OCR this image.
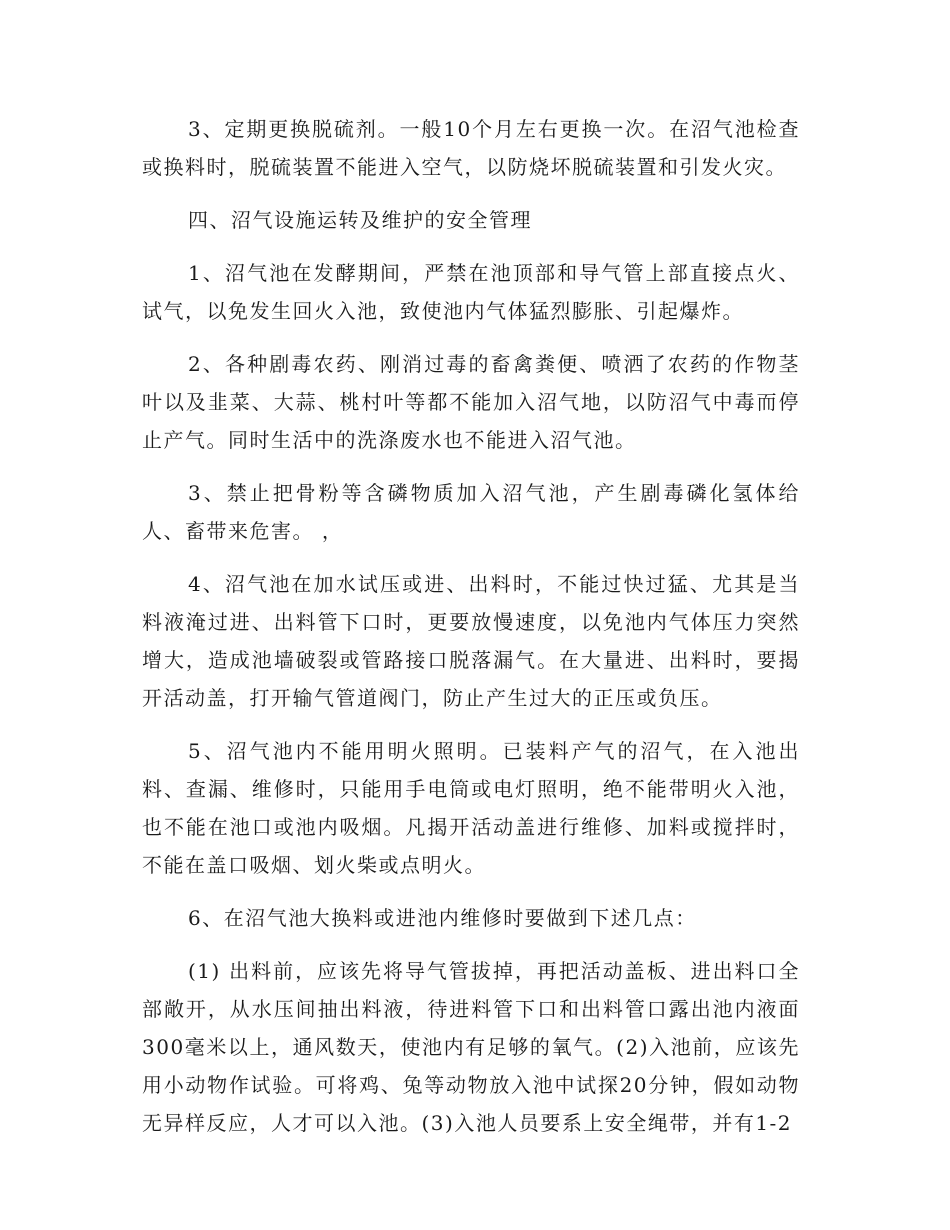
3、定期更换脱硫剂。一般10个月左右更换一次。在沼气池检查或换料时，脱硫装置不能进入空气，以防烧坏脱硫装置和引发火灾。

四、沼气设施运转及维护的安全管理

1、沼气池在发酵期间，严禁在池顶部和导气管上部直接点火、试气，以免发生回火入池，致使池内气体猛烈膨胀、引起爆炸。

2、各种剧毒农药、刚消过毒的畜禽粪便、喷洒了农药的作物茎叶以及韭菜、大蒜、桃村叶等都不能加入沼气地，以防沼气中毒而停止产气。同时生活中的洗涤废水也不能进入沼气池。

3、禁止把骨粉等含磷物质加入沼气池，产生剧毒磷化氢体给人、畜带来危害。 ，

4、沼气池在加水试压或进、出料时，不能过快过猛、尤其是当料液淹过进、出料管下口时，更要放慢速度，以免池内气体压力突然增大，造成池墙破裂或管路接口脱落漏气。在大量进、出料时，要揭开活动盖，打开输气管道阀门，防止产生过大的正压或负压。

5、沼气池内不能用明火照明。已装料产气的沼气，在入池出料、查漏、维修时，只能用手电筒或电灯照明，绝不能带明火入池，也不能在池口或池内吸烟。凡揭开活动盖进行维修、加料或搅拌时，不能在盖口吸烟、划火柴或点明火。

6、在沼气池大换料或进池内维修时要做到下述几点：

(1) 出料前，应该先将导气管拔掉，再把活动盖板、进出料口全部敞开，从水压间抽出料液，待进料管下口和出料管口露出池内液面300毫米以上，通风数天，使池内有足够的氧气。(2)入池前，应该先用小动物作试验。可将鸡、兔等动物放入池中试探20分钟，假如动物无异样反应，人才可以入池。(3)入池人员要系上安全绳带，并有1-2
